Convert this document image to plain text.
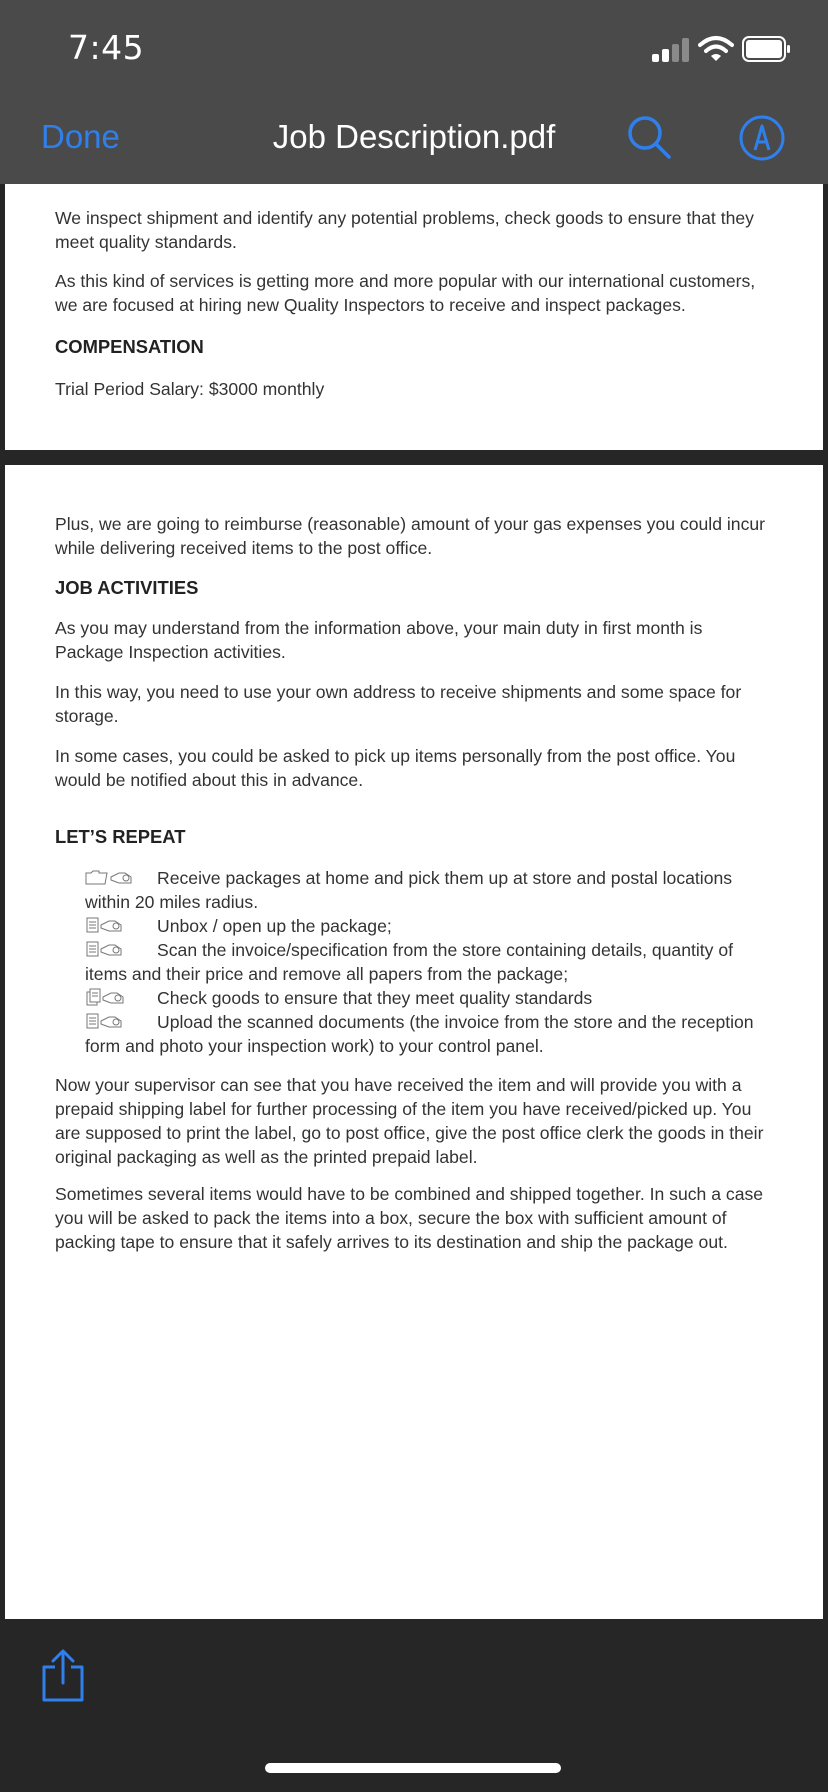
7:45
Job Description.pdf
Done

We inspect shipment and identify any potential problems, check goods to ensure that they meet quality standards.

As this kind of services is getting more and more popular with our international customers, we are focused at hiring new Quality Inspectors to receive and inspect packages.

COMPENSATION

Trial Period Salary: $3000 monthly

Plus, we are going to reimburse (reasonable) amount of your gas expenses you could incur while delivering received items to the post office.

JOB ACTIVITIES

As you may understand from the information above, your main duty in first month is Package Inspection activities.

In this way, you need to use your own address to receive shipments and some space for storage.

In some cases, you could be asked to pick up items personally from the post office. You would be notified about this in advance.

LET’S REPEAT

Receive packages at home and pick them up at store and postal locations within 20 miles radius.
Unbox / open up the package;
Scan the invoice/specification from the store containing details, quantity of items and their price and remove all papers from the package;
Check goods to ensure that they meet quality standards
Upload the scanned documents (the invoice from the store and the reception form and photo your inspection work) to your control panel.

Now your supervisor can see that you have received the item and will provide you with a prepaid shipping label for further processing of the item you have received/picked up. You are supposed to print the label, go to post office, give the post office clerk the goods in their original packaging as well as the printed prepaid label.

Sometimes several items would have to be combined and shipped together. In such a case you will be asked to pack the items into a box, secure the box with sufficient amount of packing tape to ensure that it safely arrives to its destination and ship the package out.
